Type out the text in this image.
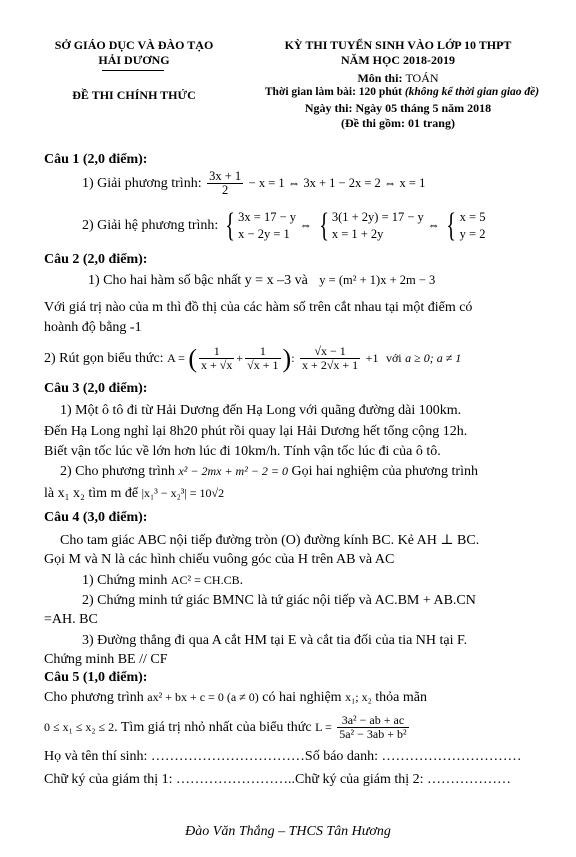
SỞ GIÁO DỤC VÀ ĐÀO TẠO
HẢI DƯƠNG
ĐỀ THI CHÍNH THỨC
KỲ THI TUYỂN SINH VÀO LỚP 10 THPT
NĂM HỌC 2018-2019
Môn thi: TOÁN
Thời gian làm bài: 120 phút (không kể thời gian giao đề)
Ngày thi: Ngày 05 tháng 5 năm 2018
(Đề thi gồm: 01 trang)
Câu 1 (2,0 điểm):
1) Giải phương trình: $\frac{3x + 1}{2} - x = 1$ ⇔ 3x + 1 − 2x = 2 ⇔ x = 1
2) Giải hệ phương trình: { 3x = 17 − y
x − 2y = 1
⇔ { 3(1 + 2y) = 17 − y
x = 1 + 2y
⇔ { x = 5
y = 2
Câu 2 (2,0 điểm):
1) Cho hai hàm số bậc nhất y = x –3 và y = (m² + 1)x + 2m − 3
Với giá trị nào của m thì đồ thị của các hàm số trên cắt nhau tại một điểm có
hoành độ bằng -1
2) Rút gọn biểu thức: A = ( $\frac{1}{x + √x} + \frac{1}{√x + 1}$ ): $\frac{√x - 1}{x + 2√x + 1} +1$ với a ≥ 0; a ≠ 1
Câu 3 (2,0 điểm):
1) Một ô tô đi từ Hải Dương đến Hạ Long với quãng đường dài 100km.
Đến Hạ Long nghỉ lại 8h20 phút rồi quay lại Hải Dương hết tổng cộng 12h.
Biết vận tốc lúc về lớn hơn lúc đi 10km/h. Tính vận tốc lúc đi của ô tô.
2) Cho phương trình x² − 2mx + m² − 2 = 0 Gọi hai nghiệm của phương trình
là x₁ x₂ tìm m để |x₁³ − x₂³| = 10√2
Câu 4 (3,0 điểm):
Cho tam giác ABC nội tiếp đường tròn (O) đường kính BC. Kẻ AH ⊥ BC.
Gọi M và N là các hình chiếu vuông góc của H trên AB và AC
1) Chứng minh AC² = CH.CB.
2) Chứng minh tứ giác BMNC là tứ giác nội tiếp và AC.BM + AB.CN
=AH. BC
3) Đường thẳng đi qua A cắt HM tại E và cắt tia đối của tia NH tại F.
Chứng minh BE // CF
Câu 5 (1,0 điểm):
Cho phương trình ax² + bx + c = 0 (a ≠ 0) có hai nghiệm x₁; x₂ thỏa mãn
0 ≤ x₁ ≤ x₂ ≤ 2. Tìm giá trị nhỏ nhất của biểu thức $L = \frac{\text{3a² − ab + ac}}{\text{5a² − 3ab + b²}}$
Họ và tên thí sinh: ……………………………Số báo danh: …………………………
Chữ ký của giám thị 1: ……………………..Chữ ký của giám thị 2: ………………
Đào Văn Thắng – THCS Tân Hương
